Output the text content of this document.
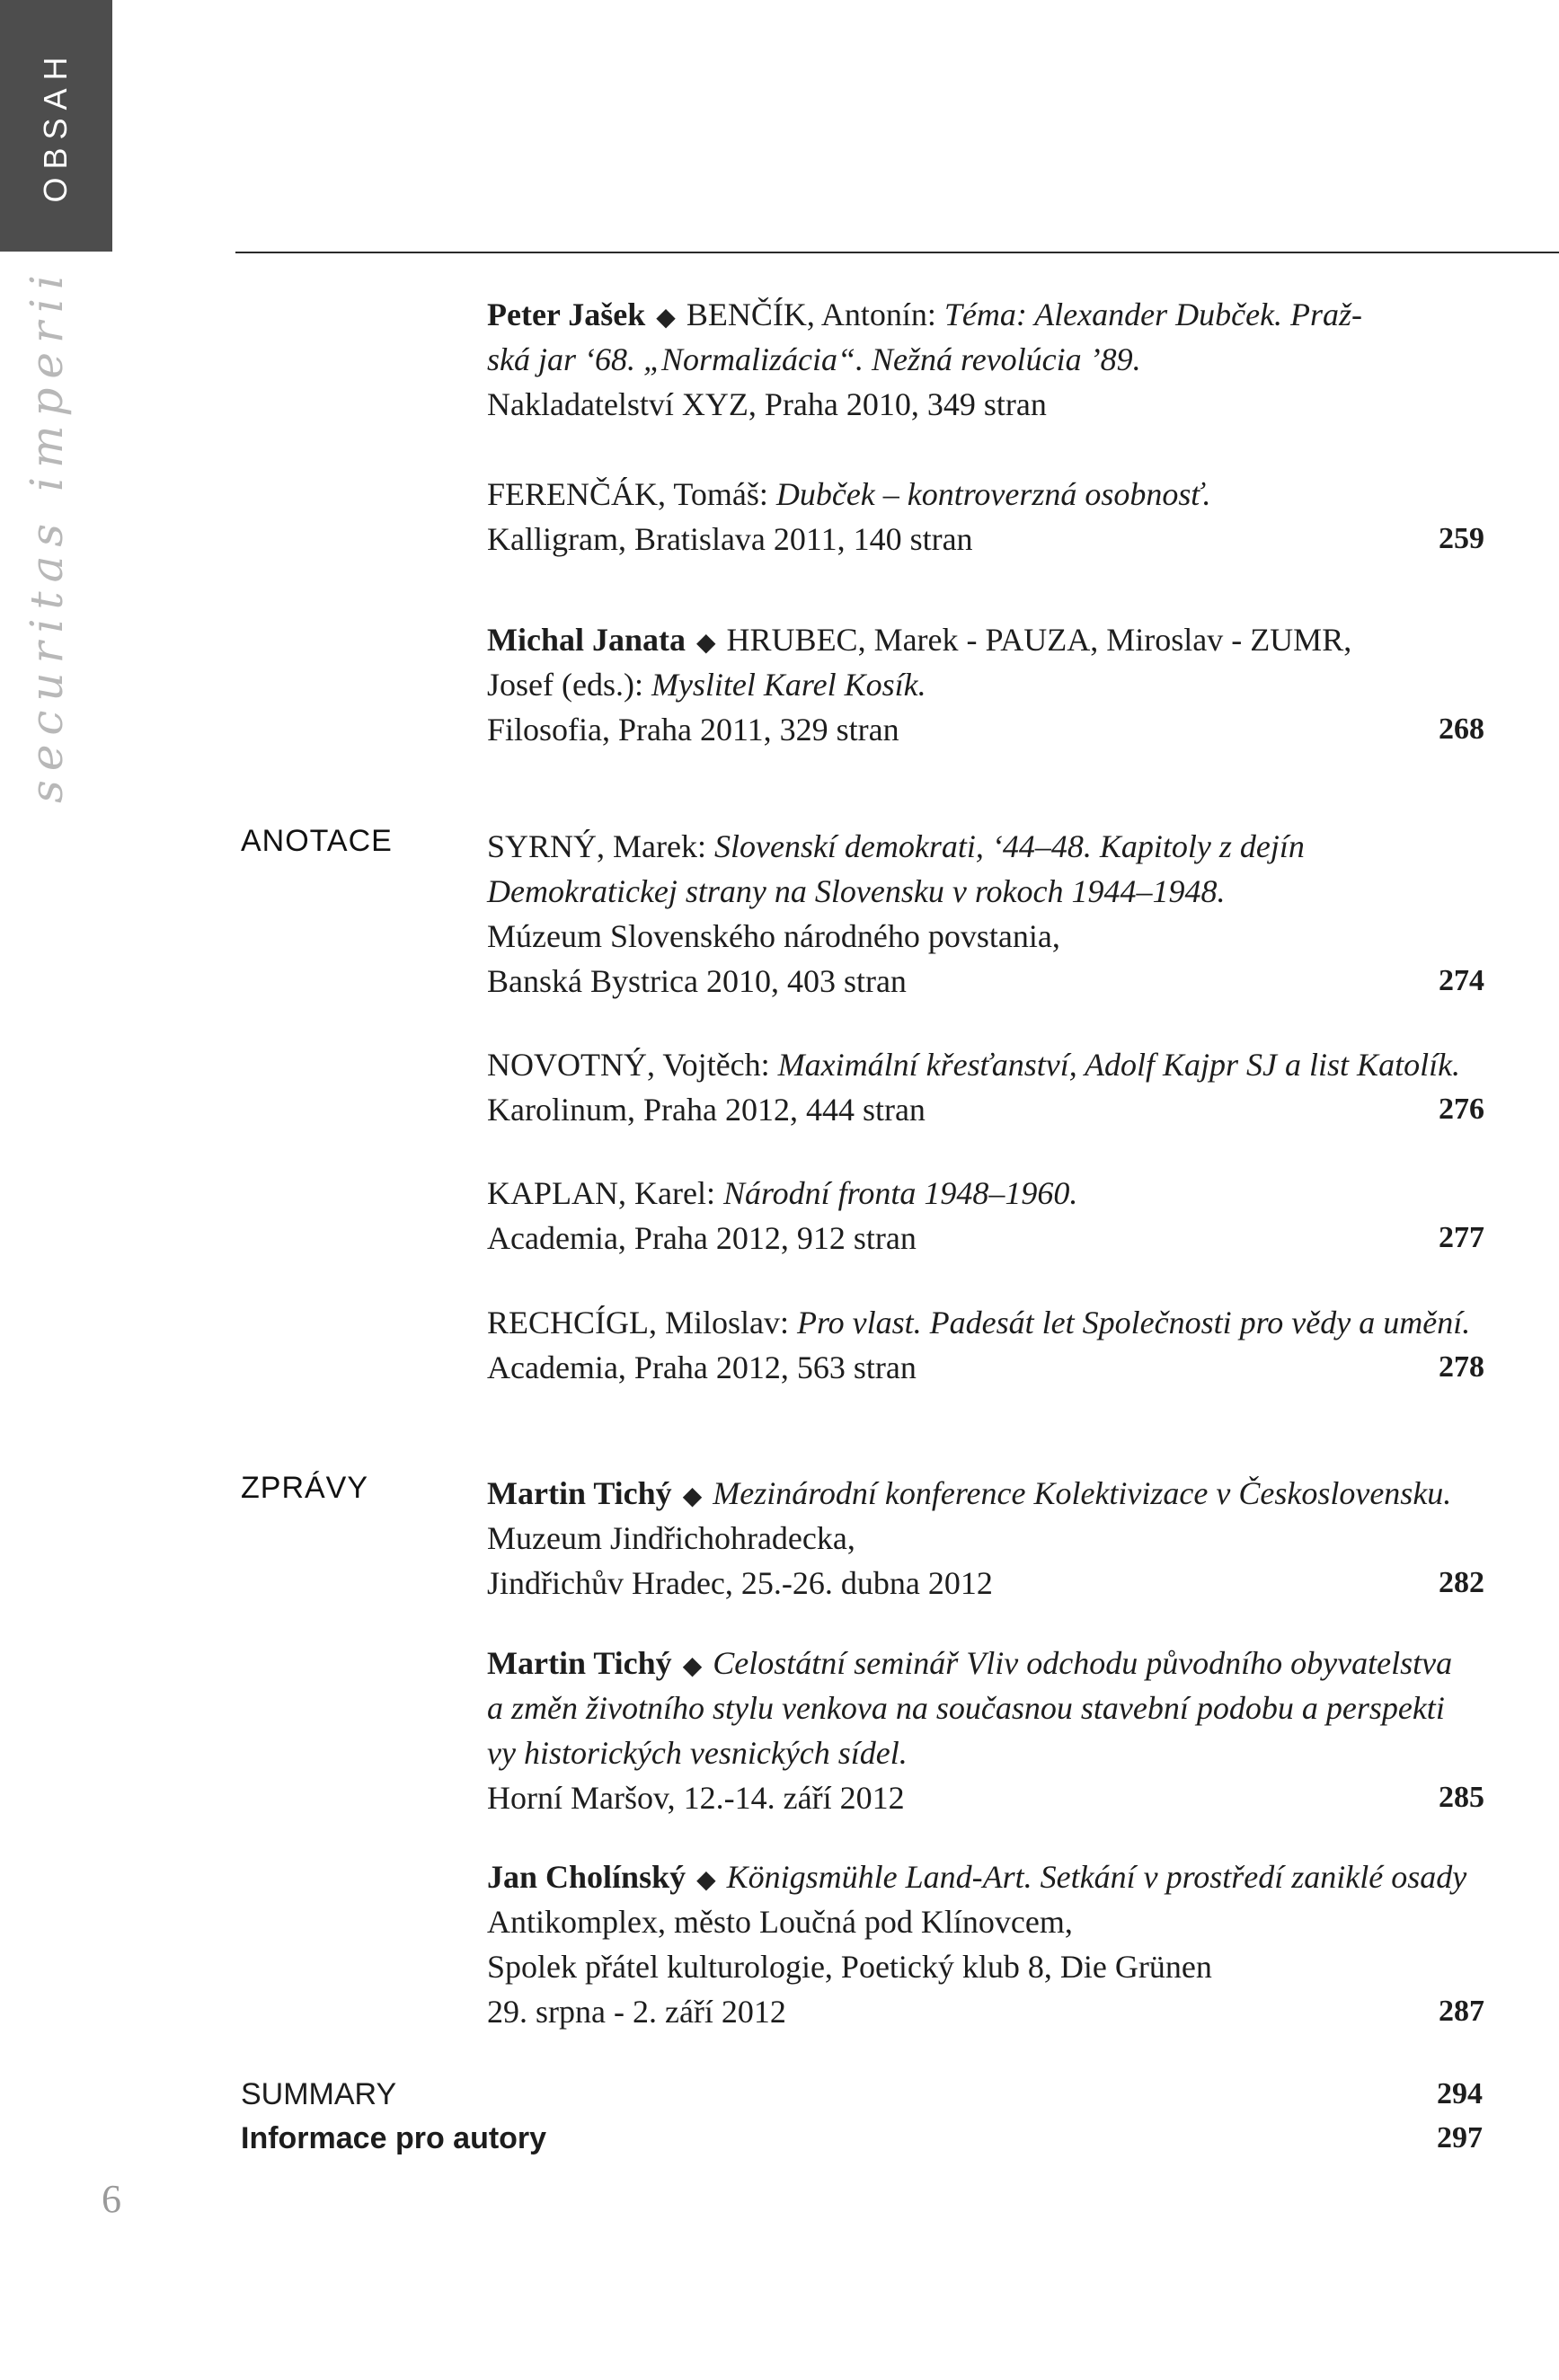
OBSAH
securitas imperii
6
Peter Jašek ◆ BENČÍK, Antonín: Téma: Alexander Dubček. Praž-
ská jar ‘68. „Normalizácia“. Nežná revolúcia ’89.
Nakladatelství XYZ, Praha 2010, 349 stran
FERENČÁK, Tomáš: Dubček – kontroverzná osobnosť.
Kalligram, Bratislava 2011, 140 stran	259
Michal Janata ◆ HRUBEC, Marek - PAUZA, Miroslav - ZUMR,
Josef (eds.): Myslitel Karel Kosík.
Filosofia, Praha 2011, 329 stran	268
ANOTACE	SYRNÝ, Marek: Slovenskí demokrati, ‘44–48. Kapitoly z dejín
Demokratickej strany na Slovensku v rokoch 1944–1948.
Múzeum Slovenského národného povstania,
Banská Bystrica 2010, 403 stran	274
NOVOTNÝ, Vojtěch: Maximální křesťanství, Adolf Kajpr SJ a list Katolík.
Karolinum, Praha 2012, 444 stran	276
KAPLAN, Karel: Národní fronta 1948–1960.
Academia, Praha 2012, 912 stran	277
RECHCÍGL, Miloslav: Pro vlast. Padesát let Společnosti pro vědy a umění.
Academia, Praha 2012, 563 stran	278
ZPRÁVY	Martin Tichý ◆ Mezinárodní konference Kolektivizace v Československu.
Muzeum Jindřichohradecka,
Jindřichův Hradec, 25.-26. dubna 2012	282
Martin Tichý ◆ Celostátní seminář Vliv odchodu původního obyvatelstva
a změn životního stylu venkova na současnou stavební podobu a perspekti
vy historických vesnických sídel.
Horní Maršov, 12.-14. září 2012	285
Jan Cholínský ◆ Königsmühle Land-Art. Setkání v prostředí zaniklé osady
Antikomplex, město Loučná pod Klínovcem,
Spolek přátel kulturologie, Poetický klub 8, Die Grünen
29. srpna - 2. září 2012	287
SUMMARY	294
Informace pro autory	297
